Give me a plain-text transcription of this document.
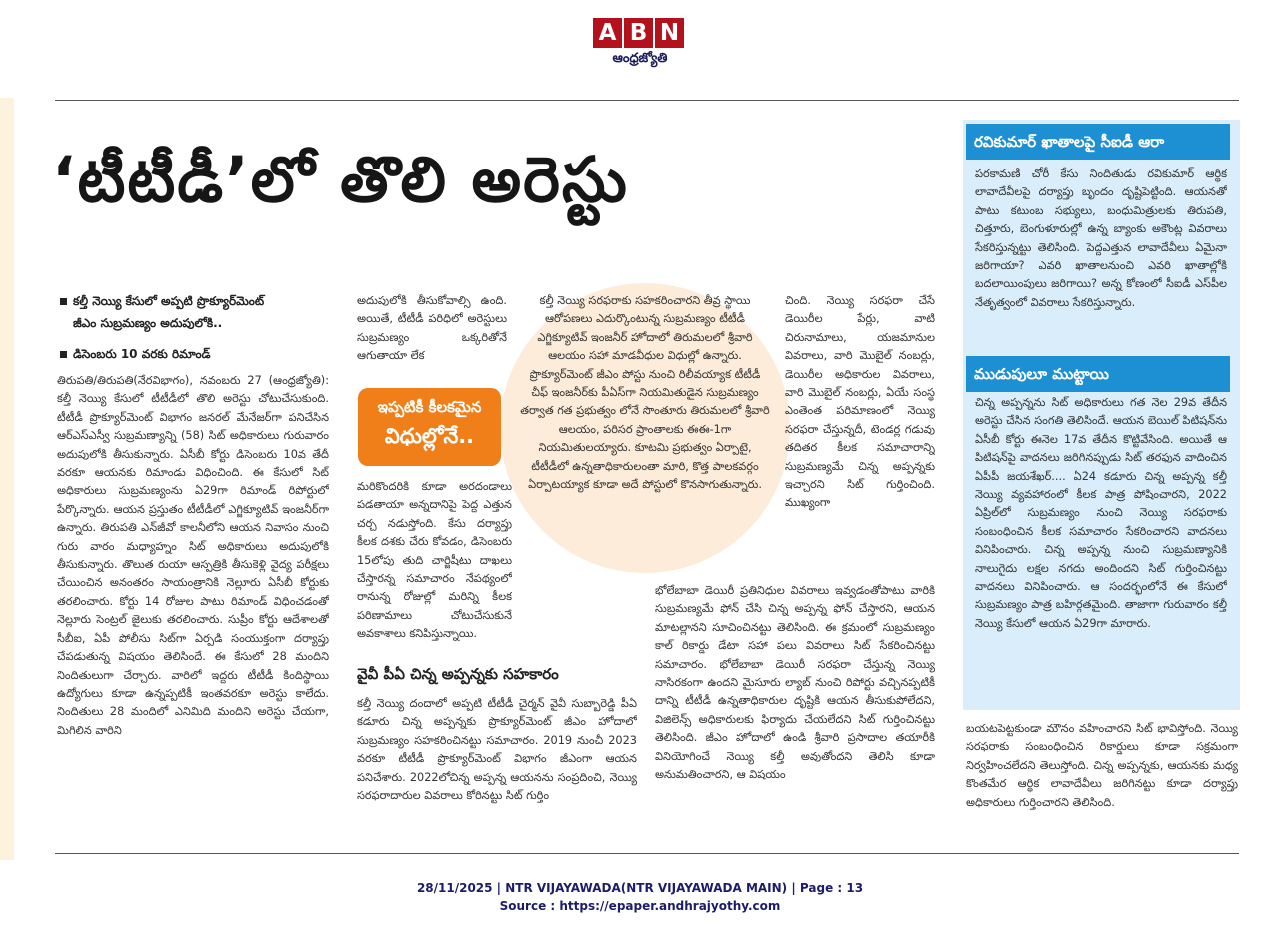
A B N
ఆంధ్రజ్యోతి
‘టీటీడీ’లో తొలి అరెస్టు
కల్తీ నెయ్యి కేసులో అప్పటి ప్రొక్యూర్‌మెంట్
జీఎం సుబ్రమణ్యం అదుపులోకి..
డిసెంబరు 10 వరకు రిమాండ్

తిరుపతి/తిరుపతి(నేరవిభాగం), నవంబరు 27 (ఆంధ్రజ్యోతి): కల్తీ నెయ్యి కేసులో టీటీడీలో తొలి అరెస్టు చోటుచేసుకుంది. టీటీడీ ప్రొక్యూర్‌మెంట్ విభాగం జనరల్ మేనేజర్‌గా పనిచేసిన ఆర్‌ఎస్ఎస్వీ సుబ్రమణ్యాన్ని (58) సిట్ అధికారులు గురువారం అదుపులోకి తీసుకున్నారు. ఏసీబీ కోర్టు డిసెంబరు 10వ తేదీ వరకూ ఆయనకు రిమాండు విధించింది. ఈ కేసులో సిట్ అధికారులు సుబ్రమణ్యంను ఏ29గా రిమాండ్ రిపోర్టులో పేర్కొన్నారు. ఆయన ప్రస్తుతం టీటీడీలో ఎగ్జిక్యూటివ్ ఇంజనీర్‌గా ఉన్నారు. తిరుపతి ఎన్‌జీవో కాలనీలోని ఆయన నివాసం నుంచి గురు వారం మధ్యాహ్నం సిట్ అధికారులు అదుపులోకి తీసుకున్నారు. తొలుత రుయా ఆస్పత్రికి తీసుకెళ్లి వైద్య పరీక్షలు చేయించిన అనంతరం సాయంత్రానికి నెల్లూరు ఏసీబీ కోర్టుకు తరలించారు. కోర్టు 14 రోజుల పాటు రిమాండ్ విధించడంతో నెల్లూరు సెంట్రల్ జైలుకు తరలించారు. సుప్రీం కోర్టు ఆదేశాలతో సీబీఐ, ఏపీ పోలీసు సిట్‌గా ఏర్పడి సంయుక్తంగా దర్యాప్తు చేపడుతున్న విషయం తెలిసిందే. ఈ కేసులో 28 మందిని నిందితులుగా చేర్చారు. వారిలో ఇద్దరు టీటీడీ కిందిస్థాయి ఉద్యోగులు కూడా ఉన్నప్పటికీ ఇంతవరకూ అరెస్టు కాలేదు. నిందితులు 28 మందిలో ఎనిమిది మందిని అరెస్టు చేయగా, మిగిలిన వారిని

అదుపులోకి తీసుకోవాల్సి ఉంది. అయితే, టీటీడీ పరిధిలో అరెస్టులు సుబ్రమణ్యం ఒక్కరితోనే ఆగుతాయా లేక

ఇప్పటికీ కీలకమైన
విధుల్లోనే..

మరికొందరికి కూడా అరదండాలు పడతాయా అన్నదానిపై పెద్ద ఎత్తున చర్చ నడుస్తోంది. కేసు దర్యాప్తు కీలక దశకు చేరు కోవడం, డిసెంబరు 15లోపు తుది చార్జిషీటు దాఖలు చేస్తారన్న సమాచారం నేపథ్యంలో రానున్న రోజుల్లో మరిన్ని కీలక పరిణామాలు చోటుచేసుకునే అవకాశాలు కనిపిస్తున్నాయి.

కల్తీ నెయ్యి సరఫరాకు సహకరించారని తీవ్ర స్థాయి ఆరోపణలు ఎదుర్కొంటున్న సుబ్రమణ్యం టీటీడీ ఎగ్జిక్యూటివ్ ఇంజనీర్ హోదాలో తిరుమలలో శ్రీవారి ఆలయం సహా మాడవీధుల విధుల్లో ఉన్నారు. ప్రొక్యూర్‌మెంట్ జీఎం పోస్టు నుంచి రిలీవయ్యాక టీటీడీ చీఫ్ ఇంజనీర్‌కు పీఏస్‌గా నియమితుడైన సుబ్రమణ్యం తర్వాత గత ప్రభుత్వం లోనే సొంతూరు తిరుమలలో శ్రీవారి ఆలయం, పరిసర ప్రాంతాలకు ఈఈ-1గా నియమితులయ్యారు. కూటమి ప్రభుత్వం ఏర్పాటై, టీటీడీలో ఉన్నతాధికారులంతా మారి, కొత్త పాలకవర్గం ఏర్పాటయ్యాక కూడా అదే పోస్టులో కొనసాగుతున్నారు.

వైవీ పీఏ చిన్న అప్పన్నకు సహకారం

కల్తీ నెయ్యి దందాలో అప్పటి టీటీడీ చైర్మన్ వైవీ సుబ్బారెడ్డి పీఏ కడూరు చిన్న అప్పన్నకు ప్రొక్యూర్‌మెంట్ జీఎం హోదాలో సుబ్రమణ్యం సహకరించినట్టు సమాచారం. 2019 నుంచీ 2023 వరకూ టీటీడీ ప్రొక్యూర్‌మెంట్ విభాగం జీఎంగా ఆయన పనిచేశారు. 2022లోచిన్న అప్పన్న ఆయనను సంప్రదించి, నెయ్యి సరఫరాదారుల వివరాలు కోరినట్టు సిట్ గుర్తిం

చింది. నెయ్యి సరఫరా చేసే డెయిరీల పేర్లు, వాటి చిరునామాలు, యజమానుల వివరాలు, వారి మొబైల్ నంబర్లు, డెయిరీల అధికారుల వివరాలు, వారి మొబైల్ నంబర్లు, ఏయే సంస్థ ఎంతెంత పరిమాణంలో నెయ్యి సరఫరా చేస్తున్నదీ, టెండర్ల గడువు తదితర కీలక సమాచారాన్ని సుబ్రమణ్యమే చిన్న అప్పన్నకు ఇచ్చారని సిట్ గుర్తించింది. ముఖ్యంగా

భోలేబాబా డెయిరీ ప్రతినిధుల వివరాలు ఇవ్వడంతోపాటు వారికి సుబ్రమణ్యమే ఫోన్ చేసి చిన్న అప్పన్న ఫోన్ చేస్తారని, ఆయన మాటల్లానని సూచించినట్టు తెలిసింది. ఈ క్రమంలో సుబ్రమణ్యం కాల్ రికార్డు డేటా సహా పలు వివరాలు సిట్ సేకరించినట్టు సమాచారం. భోలేబాబా డెయిరీ సరఫరా చేస్తున్న నెయ్యి నాసిరకంగా ఉందని మైసూరు ల్యాబ్ నుంచి రిపోర్టు వచ్చినప్పటికీ దాన్ని టీటీడీ ఉన్నతాధికారుల దృష్టికి ఆయన తీసుకుపోలేదని, విజిలెన్స్ అధికారులకు ఫిర్యాదు చేయలేదని సిట్ గుర్తించినట్టు తెలిసింది. జీఎం హోదాలో ఉండి శ్రీవారి ప్రసాదాల తయారీకి వినియోగించే నెయ్యి కల్తీ అవుతోందని తెలిసి కూడా అనుమతించారని, ఆ విషయం

రవికుమార్ ఖాతాలపై సీఐడీ ఆరా

పరకామణి చోరీ కేసు నిందితుడు రవికుమార్ ఆర్థిక లావాదేవీలపై దర్యాప్తు బృందం దృష్టిపెట్టింది. ఆయనతో పాటు కటుంబ సభ్యులు, బంధుమిత్రులకు తిరుపతి, చిత్తూరు, బెంగుళూరుల్లో ఉన్న బ్యాంకు అకౌంట్ల వివరాలు సేకరిస్తున్నట్టు తెలిసింది. పెద్దఎత్తున లావాదేవీలు ఏమైనా జరిగాయా? ఎవరి ఖాతాలనుంచి ఎవరి ఖాతాల్లోకి బదలాయింపులు జరిగాయి? అన్న కోణంలో సీఐడీ ఎస్‌పీల నేతృత్వంలో వివరాలు సేకరిస్తున్నారు.

ముడుపులూ ముట్టాయి

చిన్న అప్పన్నను సిట్ అధికారులు గత నెల 29వ తేదీన అరెస్టు చేసిన సంగతి తెలిసిందే. ఆయన బెయిల్ పిటిషన్‌ను ఏసీబీ కోర్టు ఈనెల 17వ తేదీన కొట్టివేసింది. అయితే ఆ పిటిషన్‌పై వాదనలు జరిగినప్పుడు సిట్ తరఫున వాదించిన ఏపీపీ జయశేఖర్.... ఏ24 కడూరు చిన్న అప్పన్న కల్తీ నెయ్యి వ్యవహారంలో కీలక పాత్ర పోషించారని, 2022 ఏప్రిల్‌లో సుబ్రమణ్యం నుంచి నెయ్యి సరఫరాకు సంబంధించిన కీలక సమాచారం సేకరించారని వాదనలు వినిపించారు. చిన్న అప్పన్న నుంచి సుబ్రమణ్యానికి నాలుగైదు లక్షల నగదు అందిందని సిట్ గుర్తించినట్టు వాదనలు వినిపించారు. ఆ సందర్భంలోనే ఈ కేసులో సుబ్రమణ్యం పాత్ర బహిర్గతమైంది. తాజాగా గురువారం కల్తీ నెయ్యి కేసులో ఆయన ఏ29గా మారారు.

బయటపెట్టకుండా మౌనం వహించారని సిట్ భావిస్తోంది. నెయ్యి సరఫరాకు సంబంధించిన రికార్డులు కూడా సక్రమంగా నిర్వహించలేదని తెలుస్తోంది. చిన్న అప్పన్నకు, ఆయనకు మధ్య కొంతమేర ఆర్థిక లావాదేవీలు జరిగినట్టు కూడా దర్యాప్తు అధికారులు గుర్తించారని తెలిసింది.

28/11/2025 | NTR VIJAYAWADA(NTR VIJAYAWADA MAIN) | Page : 13
Source : https://epaper.andhrajyothy.com
